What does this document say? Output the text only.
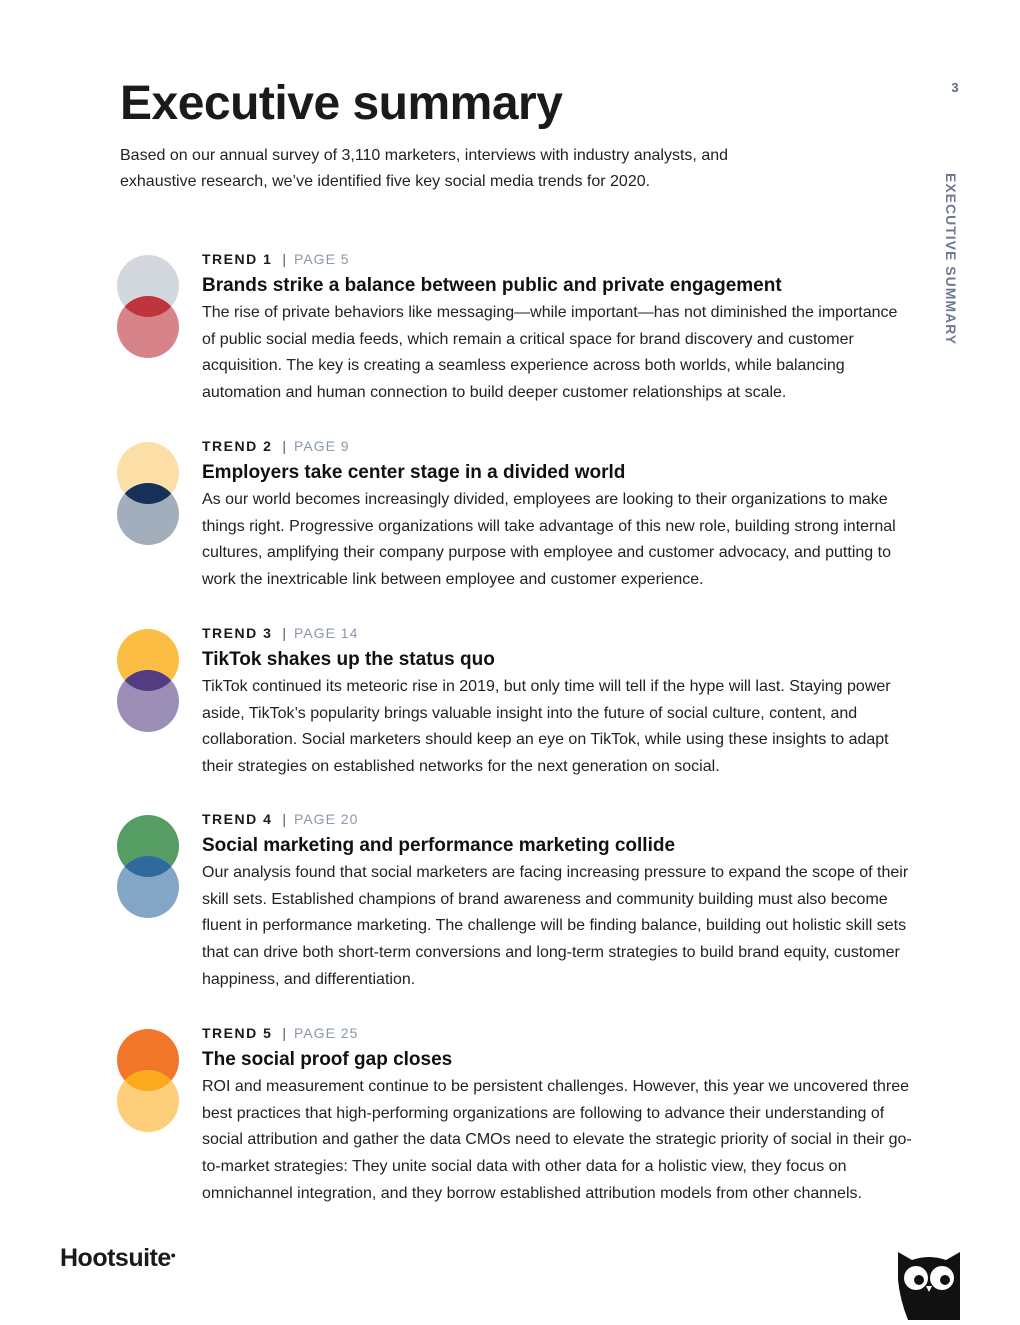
Executive summary

Based on our annual survey of 3,110 marketers, interviews with industry analysts, and exhaustive research, we’ve identified five key social media trends for 2020.

3
EXECUTIVE SUMMARY
TREND 1 | PAGE 5
Brands strike a balance between public and private engagement

The rise of private behaviors like messaging—while important—has not diminished the importance of public social media feeds, which remain a critical space for brand discovery and customer acquisition. The key is creating a seamless experience across both worlds, while balancing automation and human connection to build deeper customer relationships at scale.

TREND 2 | PAGE 9
Employers take center stage in a divided world

As our world becomes increasingly divided, employees are looking to their organizations to make things right. Progressive organizations will take advantage of this new role, building strong internal cultures, amplifying their company purpose with employee and customer advocacy, and putting to work the inextricable link between employee and customer experience.

TREND 3 | PAGE 14
TikTok shakes up the status quo

TikTok continued its meteoric rise in 2019, but only time will tell if the hype will last. Staying power aside, TikTok’s popularity brings valuable insight into the future of social culture, content, and collaboration. Social marketers should keep an eye on TikTok, while using these insights to adapt their strategies on established networks for the next generation on social.

TREND 4 | PAGE 20
Social marketing and performance marketing collide

Our analysis found that social marketers are facing increasing pressure to expand the scope of their skill sets. Established champions of brand awareness and community building must also become fluent in performance marketing. The challenge will be finding balance, building out holistic skill sets that can drive both short-term conversions and long-term strategies to build brand equity, customer happiness, and differentiation.

TREND 5 | PAGE 25
The social proof gap closes

ROI and measurement continue to be persistent challenges. However, this year we uncovered three best practices that high-performing organizations are following to advance their understanding of social attribution and gather the data CMOs need to elevate the strategic priority of social in their go-to-market strategies: They unite social data with other data for a holistic view, they focus on omnichannel integration, and they borrow established attribution models from other channels.

Hootsuite•
